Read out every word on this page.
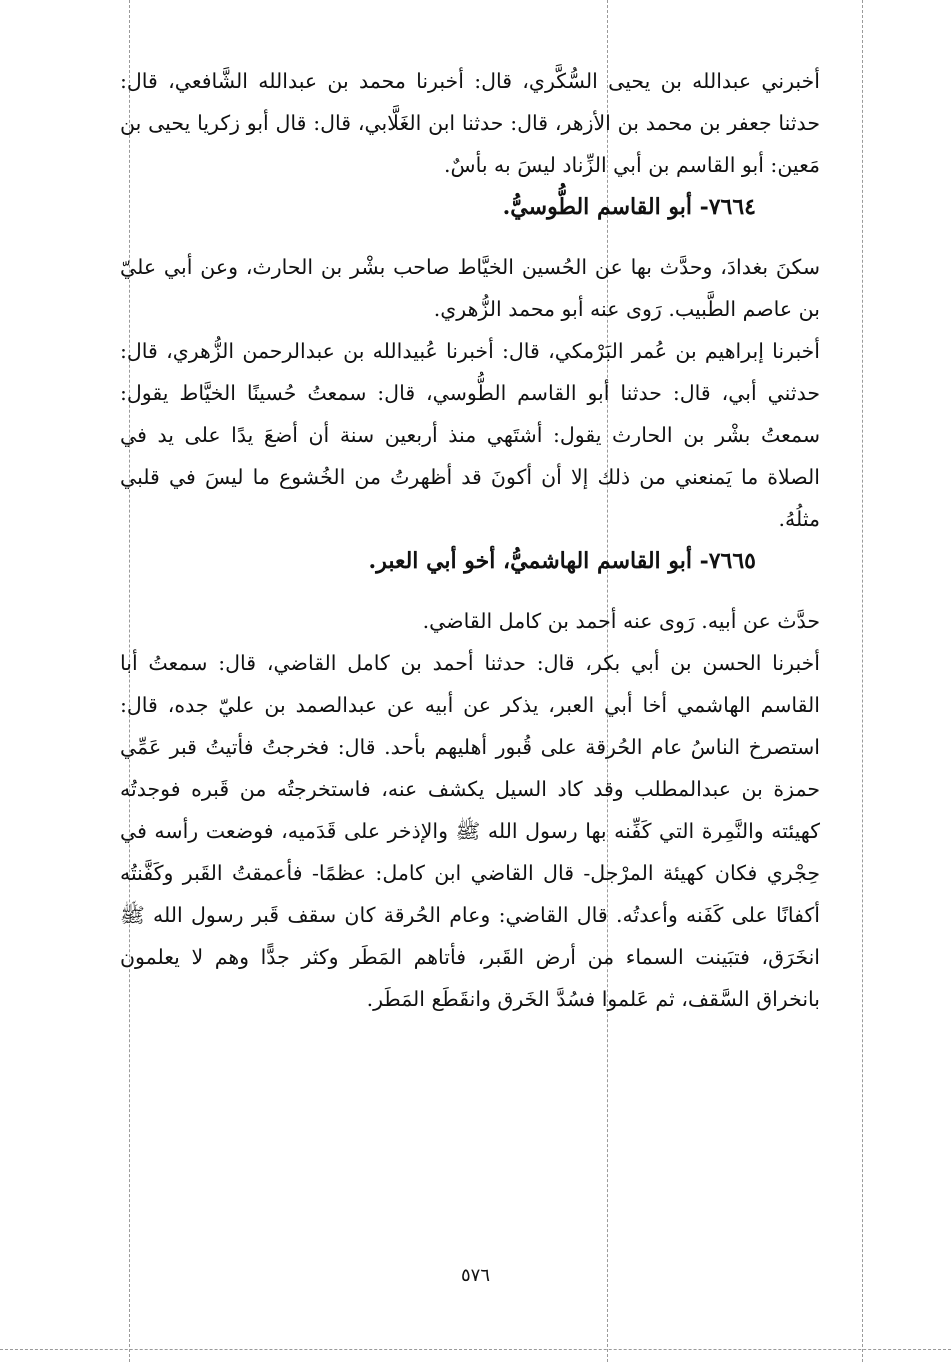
أخبرني عبدالله بن يحيى السُّكَّري، قال: أخبرنا محمد بن عبدالله الشَّافعي، قال: حدثنا جعفر بن محمد بن الأزهر، قال: حدثنا ابن الغَلَّابي، قال: قال أبو زكريا يحيى بن مَعين: أبو القاسم بن أبي الزِّناد ليسَ به بأسٌ.

٧٦٦٤- أبو القاسم الطُّوسيُّ.

سكنَ بغدادَ، وحدَّث بها عن الحُسين الخيَّاط صاحب بشْر بن الحارث، وعن أبي عليّ بن عاصم الطَّبيب. رَوى عنه أبو محمد الزُّهري.

أخبرنا إبراهيم بن عُمر البَرْمكي، قال: أخبرنا عُبيدالله بن عبدالرحمن الزُّهري، قال: حدثني أبي، قال: حدثنا أبو القاسم الطُّوسي، قال: سمعتُ حُسينًا الخيَّاط يقول: سمعتُ بشْر بن الحارث يقول: أشتَهي منذ أربعين سنة أن أضعَ يدًا على يد في الصلاة ما يَمنعني من ذلك إلا أن أكونَ قد أظهرتُ من الخُشوع ما ليسَ في قلبي مثلُهُ.

٧٦٦٥- أبو القاسم الهاشميُّ، أخو أبي العبر.

حدَّث عن أبيه. رَوى عنه أحمد بن كامل القاضي.

أخبرنا الحسن بن أبي بكر، قال: حدثنا أحمد بن كامل القاضي، قال: سمعتُ أبا القاسم الهاشمي أخا أبي العبر، يذكر عن أبيه عن عبدالصمد بن عليّ جده، قال: استصرخ الناسُ عام الحُرقة على قُبور أهليهم بأحد. قال: فخرجتُ فأتيتُ قبر عَمِّي حمزة بن عبدالمطلب وقد كاد السيل يكشف عنه، فاستخرجتُه من قَبره فوجدتُه كهيئته والنَّمِرة التي كَفِّنه بها رسول الله ﷺ والإذخر على قَدَميه، فوضعت رأسه في حِجْري فكان كهيئة المرْجل- قال القاضي ابن كامل: عظمًا- فأعمقتُ القَبر وكَفَّنتُه أكفانًا على كَفَنه وأعدتُه. قال القاضي: وعام الحُرقة كان سقف قَبر رسول الله ﷺ انخَرَق، فتبَينت السماء من أرض القَبر، فأتاهم المَطَر وكثر جدًّا وهم لا يعلمون بانخراق السَّقف، ثم عَلموا فسُدَّ الخَرق وانقَطَع المَطَر.

٥٧٦
